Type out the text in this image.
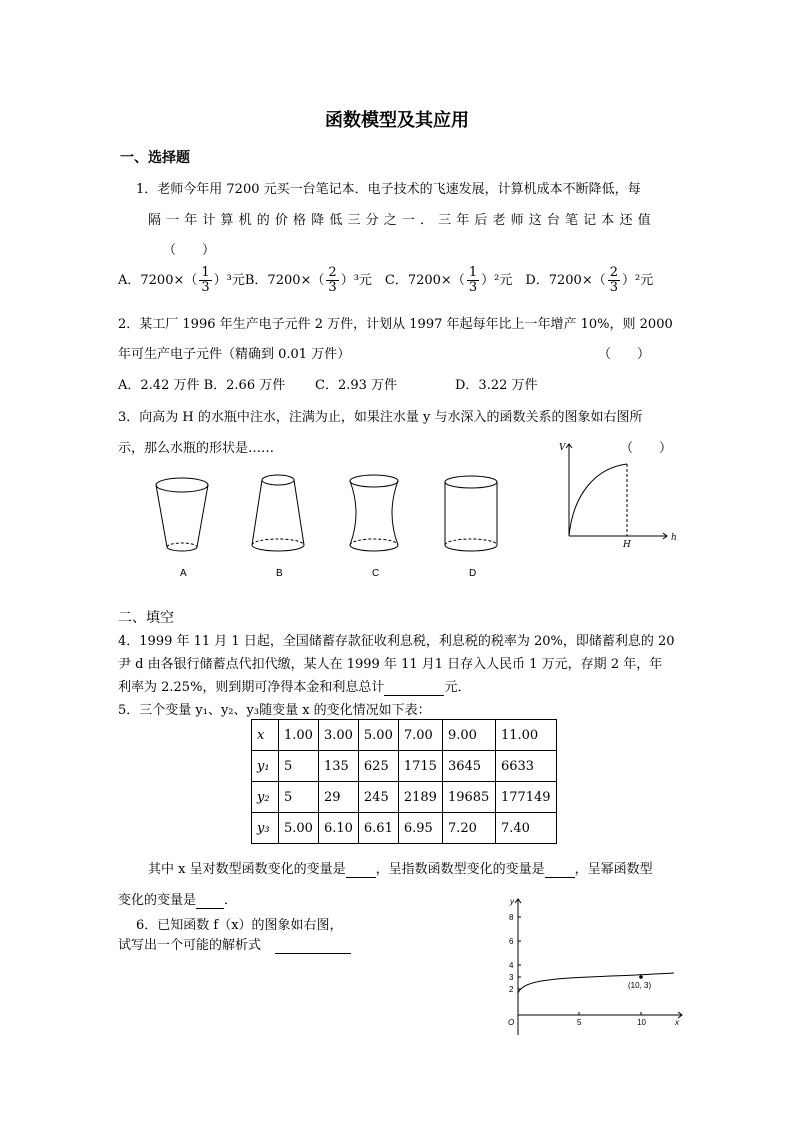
函数模型及其应用
一、选择题
1．老师今年用 7200 元买一台笔记本．电子技术的飞速发展，计算机成本不断降低，每
隔 一 年 计 算 机 的 价 格 降 低 三 分 之 一 ． 三 年 后 老 师 这 台 笔 记 本 还 值
（　　）
A．$7200\times( \frac{1}{3} )^3$元B．$7200\times( \frac{2}{3} )^3$元　C．$7200\times( \frac{1}{3} )^2$元　D．$7200\times( \frac{2}{3} )^2$元
2．某工厂 1996 年生产电子元件 2 万件，计划从 1997 年起每年比上一年增产 10%，则 2000
年可生产电子元件（精确到 0.01 万件）	（　　）
A．2.42 万件 B．2.66 万件 C．2.93 万件	D．3.22 万件
3．向高为 H 的水瓶中注水，注满为止，如果注水量 y 与水深入的函数关系的图象如右图所
示，那么水瓶的形状是……	（　　）
A	B	C	D
V
h
H
二、填空
4．1999 年 11 月 1 日起，全国储蓄存款征收利息税，利息税的税率为 20%，即储蓄利息的 20
尹 d 由各银行储蓄点代扣代缴，某人在 1999 年 11 月1 日存入人民币 1 万元，存期 2 年，年
利率为 2.25%，则到期可净得本金和利息总计	元．
5．三个变量 y₁、y₂、y₃随变量 x 的变化情况如下表：
x	1.00	3.00	5.00	7.00	9.00	11.00
y₁	5	135	625	1715	3645	6633
y₂	5	29	245	2189	19685	177149
y₃	5.00	6.10	6.61	6.95	7.20	7.40
其中 x 呈对数型函数变化的变量是 ，呈指数函数型变化的变量是 ，呈幂函数型
变化的变量是 ．
6．已知函数 f（x）的图象如右图，
试写出一个可能的解析式
y
8
6
4
3
2
O	5	10	x
(10, 3)
